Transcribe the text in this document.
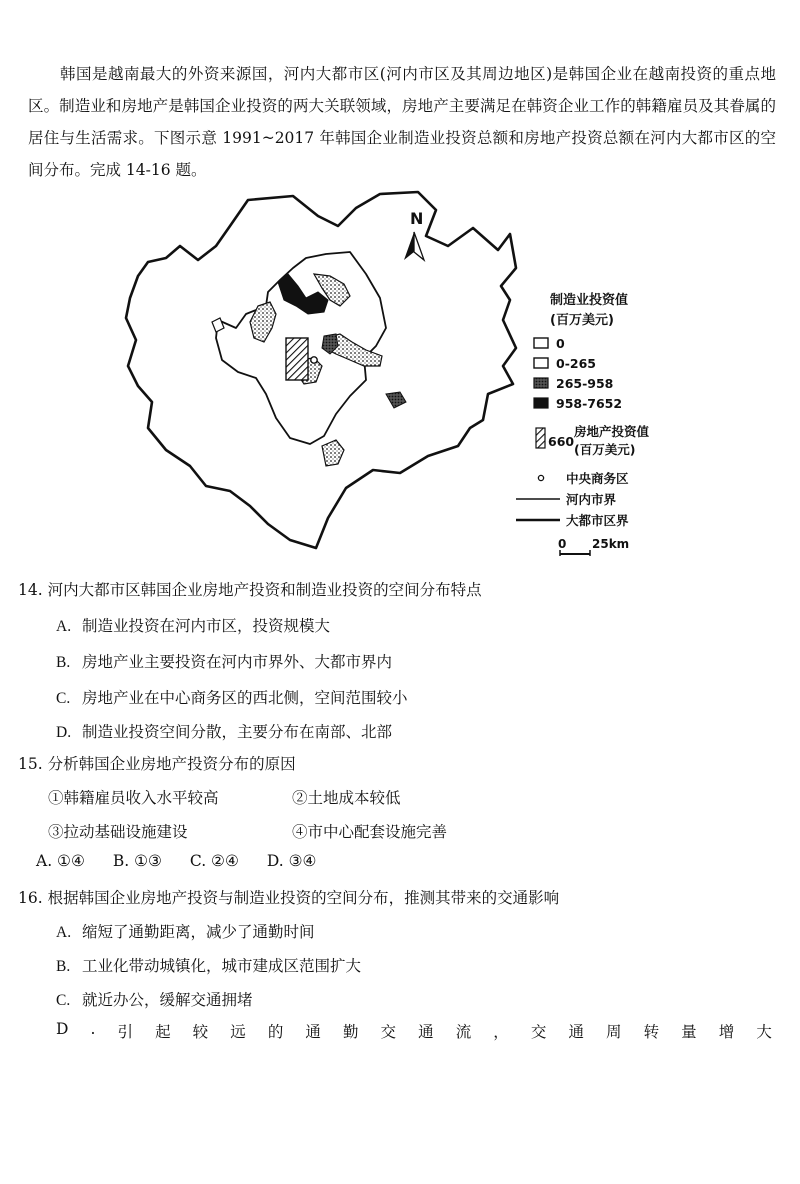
韩国是越南最大的外资来源国，河内大都市区(河内市区及其周边地区)是韩国企业在越南投资的重点地区。制造业和房地产是韩国企业投资的两大关联领域，房地产主要满足在韩资企业工作的韩籍雇员及其眷属的居住与生活需求。下图示意 1991~2017 年韩国企业制造业投资总额和房地产投资总额在河内大都市区的空间分布。完成 14-16 题。

N
制造业投资值
(百万美元)
0
0-265
265-958
958-7652
660
房地产投资值
(百万美元)
中央商务区
河内市界
大都市区界
0 25km

14. 河内大都市区韩国企业房地产投资和制造业投资的空间分布特点

A. 制造业投资在河内市区，投资规模大

B. 房地产业主要投资在河内市界外、大都市界内

C. 房地产业在中心商务区的西北侧，空间范围较小

D. 制造业投资空间分散，主要分布在南部、北部

15. 分析韩国企业房地产投资分布的原因

①韩籍雇员收入水平较高	②土地成本较低
③拉动基础设施建设	④市中心配套设施完善
A. ①④ B. ①③ C. ②④ D. ③④

16. 根据韩国企业房地产投资与制造业投资的空间分布，推测其带来的交通影响

A. 缩短了通勤距离，减少了通勤时间

B. 工业化带动城镇化，城市建成区范围扩大

C. 就近办公，缓解交通拥堵

D . 引 起 较 远 的 通 勤 交 通 流 ， 交 通 周 转 量 增 大
